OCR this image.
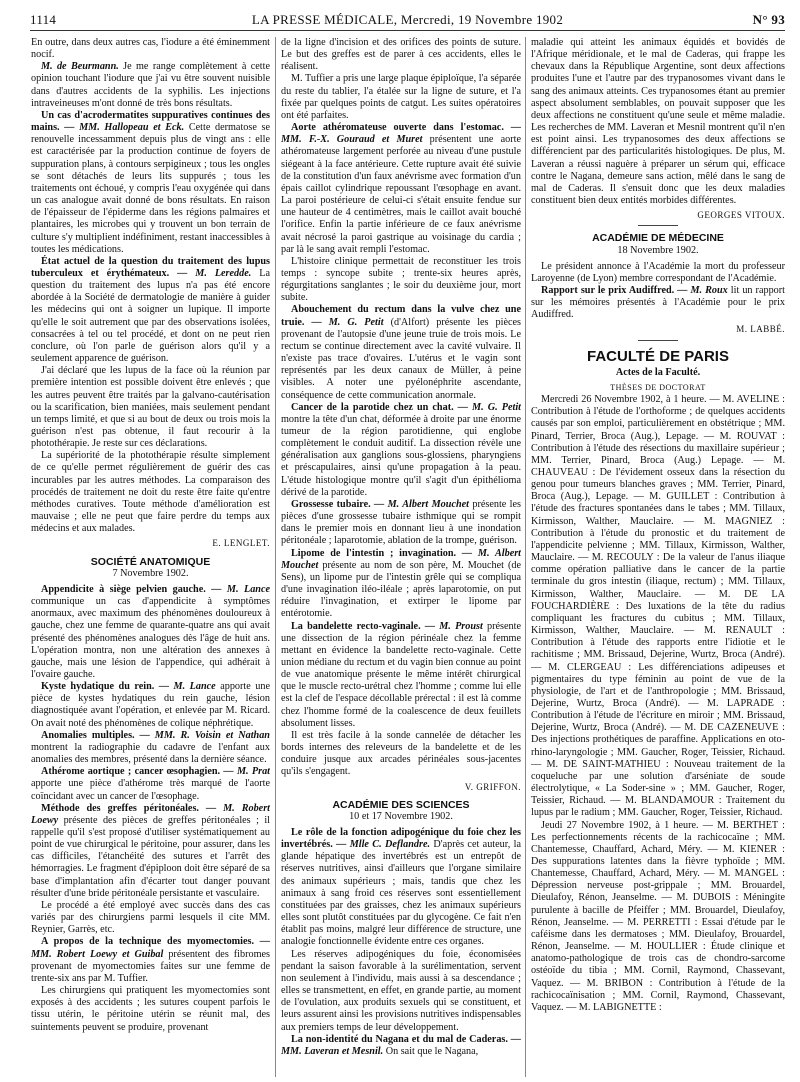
1114	LA PRESSE MÉDICALE, Mercredi, 19 Novembre 1902	N° 93

En outre, dans deux autres cas, l'iodure a été éminemment nocif.

M. de Beurmann. Je me range complètement à cette opinion touchant l'iodure que j'ai vu être souvent nuisible dans d'autres accidents de la syphilis. Les injections intraveineuses m'ont donné de très bons résultats.

Un cas d'acrodermatites suppuratives continues des mains. — MM. Hallopeau et Eck. Cette dermatose se renouvelle incessamment depuis plus de vingt ans : elle est caractérisée par la production continue de foyers de suppuration plans, à contours serpigineux ; tous les ongles se sont détachés de leurs lits suppurés ; tous les traitements ont échoué, y compris l'eau oxygénée qui dans un cas analogue avait donné de bons résultats. En raison de l'épaisseur de l'épiderme dans les régions palmaires et plantaires, les microbes qui y trouvent un bon terrain de culture s'y multiplient indéfiniment, restant inaccessibles à toutes les médications.

État actuel de la question du traitement des lupus tuberculeux et érythémateux. — M. Leredde. La question du traitement des lupus n'a pas été encore abordée à la Société de dermatologie de manière à guider les médecins qui ont à soigner un lupique. Il importe qu'elle le soit autrement que par des observations isolées, consacrées à tel ou tel procédé, et dont on ne peut rien conclure, où l'on parle de guérison alors qu'il y a seulement apparence de guérison.

J'ai déclaré que les lupus de la face où la réunion par première intention est possible doivent être enlevés ; que les autres peuvent être traités par la galvano-cautérisation ou la scarification, bien maniées, mais seulement pendant un temps limité, et que si au bout de deux ou trois mois la guérison n'est pas obtenue, il faut recourir à la photothérapie. Je reste sur ces déclarations.

La supériorité de la photothérapie résulte simplement de ce qu'elle permet régulièrement de guérir des cas incurables par les autres méthodes. La comparaison des procédés de traitement ne doit du reste être faite qu'entre méthodes curatives. Toute méthode d'amélioration est mauvaise ; elle ne peut que faire perdre du temps aux médecins et aux malades.

E. LENGLET.
SOCIÉTÉ ANATOMIQUE
7 Novembre 1902.

Appendicite à siège pelvien gauche. — M. Lance communique un cas d'appendicite à symptômes anormaux, avec maximum des phénomènes douloureux à gauche, chez une femme de quarante-quatre ans qui avait présenté des phénomènes analogues dès l'âge de huit ans. L'opération montra, non une altération des annexes à gauche, mais une lésion de l'appendice, qui adhérait à l'ovaire gauche.

Kyste hydatique du rein. — M. Lance apporte une pièce de kystes hydatiques du rein gauche, lésion diagnostiquée avant l'opération, et enlevée par M. Ricard. On avait noté des phénomènes de colique néphrétique.

Anomalies multiples. — MM. R. Voisin et Nathan montrent la radiographie du cadavre de l'enfant aux anomalies des membres, présenté dans la dernière séance.

Athérome aortique ; cancer œsophagien. — M. Prat apporte une pièce d'athérome très marqué de l'aorte coïncidant avec un cancer de l'œsophage.

Méthode des greffes péritonéales. — M. Robert Loewy présente des pièces de greffes péritonéales ; il rappelle qu'il s'est proposé d'utiliser systématiquement au point de vue chirurgical le péritoine, pour assurer, dans les cas difficiles, l'étanchéité des sutures et l'arrêt des hémorragies. Le fragment d'épiploon doit être séparé de sa base d'implantation afin d'écarter tout danger pouvant résulter d'une bride péritonéale persistante et vasculaire.

Le procédé a été employé avec succès dans des cas variés par des chirurgiens parmi lesquels il cite MM. Reynier, Garrès, etc.

A propos de la technique des myomectomies. — MM. Robert Loewy et Guibal présentent des fibromes provenant de myomectomies faites sur une femme de trente-six ans par M. Tuffier.

Les chirurgiens qui pratiquent les myomectomies sont exposés à des accidents ; les sutures coupent parfois le tissu utérin, le péritoine utérin se réunit mal, des suintements peuvent se produire, provenant

de la ligne d'incision et des orifices des points de suture. Le but des greffes est de parer à ces accidents, elles le réalisent.

M. Tuffier a pris une large plaque épiploïque, l'a séparée du reste du tablier, l'a étalée sur la ligne de suture, et l'a fixée par quelques points de catgut. Les suites opératoires ont été parfaites.

Aorte athéromateuse ouverte dans l'estomac. — MM. F.-X. Gouraud et Muret présentent une aorte athéromateuse largement perforée au niveau d'une pustule siégeant à la face antérieure. Cette rupture avait été suivie de la constitution d'un faux anévrisme avec formation d'un épais caillot cylindrique repoussant l'œsophage en avant. La paroi postérieure de celui-ci s'était ensuite fendue sur une hauteur de 4 centimètres, mais le caillot avait bouché l'orifice. Enfin la partie inférieure de ce faux anévrisme avait nécrosé la paroi gastrique au voisinage du cardia ; par là le sang avait rempli l'estomac.

L'histoire clinique permettait de reconstituer les trois temps : syncope subite ; trente-six heures après, régurgitations sanglantes ; le soir du deuxième jour, mort subite.

Abouchement du rectum dans la vulve chez une truie. — M. G. Petit (d'Alfort) présente les pièces provenant de l'autopsie d'une jeune truie de trois mois. Le rectum se continue directement avec la cavité vulvaire. Il n'existe pas trace d'ovaires. L'utérus et le vagin sont représentés par les deux canaux de Müller, à peine visibles. A noter une pyélonéphrite ascendante, conséquence de cette communication anormale.

Cancer de la parotide chez un chat. — M. G. Petit montre la tête d'un chat, déformée à droite par une énorme tumeur de la région parotidienne, qui englobe complètement le conduit auditif. La dissection révèle une généralisation aux ganglions sous-glossiens, pharyngiens et préscapulaires, ainsi qu'une propagation à la peau. L'étude histologique montre qu'il s'agit d'un épithélioma dérivé de la parotide.

Grossesse tubaire. — M. Albert Mouchet présente les pièces d'une grossesse tubaire isthmique qui se rompit dans le premier mois en donnant lieu à une inondation péritonéale ; laparotomie, ablation de la trompe, guérison.

Lipome de l'intestin ; invagination. — M. Albert Mouchet présente au nom de son père, M. Mouchet (de Sens), un lipome pur de l'intestin grêle qui se compliqua d'une invagination iléo-iléale ; après laparotomie, on put réduire l'invagination, et extirper le lipome par entérotomie.

La bandelette recto-vaginale. — M. Proust présente une dissection de la région périnéale chez la femme mettant en évidence la bandelette recto-vaginale. Cette union médiane du rectum et du vagin bien connue au point de vue anatomique présente le même intérêt chirurgical que le muscle recto-urétral chez l'homme ; comme lui elle est la clef de l'espace décollable prérectal : il est là comme chez l'homme formé de la coalescence de deux feuillets absolument lisses.

Il est très facile à la sonde cannelée de détacher les bords internes des releveurs de la bandelette et de les conduire jusque aux arcades périnéales sous-jacentes qu'ils s'engagent.

V. GRIFFON.
ACADÉMIE DES SCIENCES
10 et 17 Novembre 1902.

Le rôle de la fonction adipogénique du foie chez les invertébrés. — Mlle C. Deflandre. D'après cet auteur, la glande hépatique des invertébrés est un entrepôt de réserves nutritives, ainsi d'ailleurs que l'organe similaire des animaux supérieurs ; mais, tandis que chez les animaux à sang froid ces réserves sont essentiellement constituées par des graisses, chez les animaux supérieurs elles sont plutôt constituées par du glycogène. Ce fait n'en établit pas moins, malgré leur différence de structure, une analogie fonctionnelle évidente entre ces organes.

Les réserves adipogéniques du foie, économisées pendant la saison favorable à la surélimentation, servent non seulement à l'individu, mais aussi à sa descendance ; elles se transmettent, en effet, en grande partie, au moment de l'ovulation, aux produits sexuels qui se constituent, et leurs assurent ainsi les provisions nutritives indispensables aux premiers temps de leur développement.

La non-identité du Nagana et du mal de Caderas. — MM. Laveran et Mesnil. On sait que le Nagana,

maladie qui atteint les animaux équidés et bovidés de l'Afrique méridionale, et le mal de Caderas, qui frappe les chevaux dans la République Argentine, sont deux affections produites l'une et l'autre par des trypanosomes vivant dans le sang des animaux atteints. Ces trypanosomes étant au premier aspect absolument semblables, on pouvait supposer que les deux affections ne constituent qu'une seule et même maladie. Les recherches de MM. Laveran et Mesnil montrent qu'il n'en est point ainsi. Les trypanosomes des deux affections se différencient par des particularités histologiques. De plus, M. Laveran a réussi naguère à préparer un sérum qui, efficace contre le Nagana, demeure sans action, mêlé dans le sang de mal de Caderas. Il s'ensuit donc que les deux maladies constituent bien deux entités morbides différentes.

GEORGES VITOUX.
ACADÉMIE DE MÉDECINE
18 Novembre 1902.

Le président annonce à l'Académie la mort du professeur Laroyenne (de Lyon) membre correspondant de l'Académie.

Rapport sur le prix Audiffred. — M. Roux lit un rapport sur les mémoires présentés à l'Académie pour le prix Audiffred.

M. LABBÉ.
FACULTÉ DE PARIS
Actes de la Faculté.
THÈSES DE DOCTORAT

Mercredi 26 Novembre 1902, à 1 heure. — M. AVELINE : Contribution à l'étude de l'orthoforme ; de quelques accidents causés par son emploi, particulièrement en obstétrique ; MM. Pinard, Terrier, Broca (Aug.), Lepage. — M. ROUVAT : Contribution à l'étude des résections du maxillaire supérieur ; MM. Terrier, Pinard, Broca (Aug.) Lepage. — M. CHAUVEAU : De l'évidement osseux dans la résection du genou pour tumeurs blanches graves ; MM. Terrier, Pinard, Broca (Aug.), Lepage. — M. GUILLET : Contribution à l'étude des fractures spontanées dans le tabes ; MM. Tillaux, Kirmisson, Walther, Mauclaire. — M. MAGNIEZ : Contribution à l'étude du pronostic et du traitement de l'appendicite pelvienne ; MM. Tillaux, Kirmisson, Walther, Mauclaire. — M. RECOULY : De la valeur de l'anus iliaque comme opération palliative dans le cancer de la partie terminale du gros intestin (iliaque, rectum) ; MM. Tillaux, Kirmisson, Walther, Mauclaire. — M. DE LA FOUCHARDIÈRE : Des luxations de la tête du radius compliquant les fractures du cubitus ; MM. Tillaux, Kirmisson, Walther, Mauclaire. — M. RENAULT : Contribution à l'étude des rapports entre l'idiotie et le rachitisme ; MM. Brissaud, Dejerine, Wurtz, Broca (André). — M. CLERGEAU : Les différenciations adipeuses et pigmentaires du type féminin au point de vue de la physiologie, de l'art et de l'anthropologie ; MM. Brissaud, Dejerine, Wurtz, Broca (André). — M. LAPRADE : Contribution à l'étude de l'écriture en miroir ; MM. Brissaud, Dejerine, Wurtz, Broca (André). — M. DE CAZENEUVE : Des injections prothétiques de paraffine. Applications en oto-rhino-laryngologie ; MM. Gaucher, Roger, Teissier, Richaud. — M. DE SAINT-MATHIEU : Nouveau traitement de la coqueluche par une solution d'arséniate de soude électrolytique, « La Soder-sine » ; MM. Gaucher, Roger, Teissier, Richaud. — M. BLANDAMOUR : Traitement du lupus par le radium ; MM. Gaucher, Roger, Teissier, Richaud.

Jeudi 27 Novembre 1902, à 1 heure. — M. BERTHET : Les perfectionnements récents de la rachicocaïne ; MM. Chantemesse, Chauffard, Achard, Méry. — M. KIENER : Des suppurations latentes dans la fièvre typhoïde ; MM. Chantemesse, Chauffard, Achard, Méry. — M. MANGEL : Dépression nerveuse post-grippale ; MM. Brouardel, Dieulafoy, Rénon, Jeanselme. — M. DUBOIS : Méningite purulente à bacille de Pfeiffer ; MM. Brouardel, Dieulafoy, Rénon, Jeanselme. — M. PERRETTI : Essai d'étude par le caféisme dans les dermatoses ; MM. Dieulafoy, Brouardel, Rénon, Jeanselme. — M. HOULLIER : Étude clinique et anatomo-pathologique de trois cas de chondro-sarcome ostéoïde du tibia ; MM. Cornil, Raymond, Chassevant, Vaquez. — M. BRIBON : Contribution à l'étude de la rachicocaïnisation ; MM. Cornil, Raymond, Chassevant, Vaquez. — M. LABIGNETTE :
